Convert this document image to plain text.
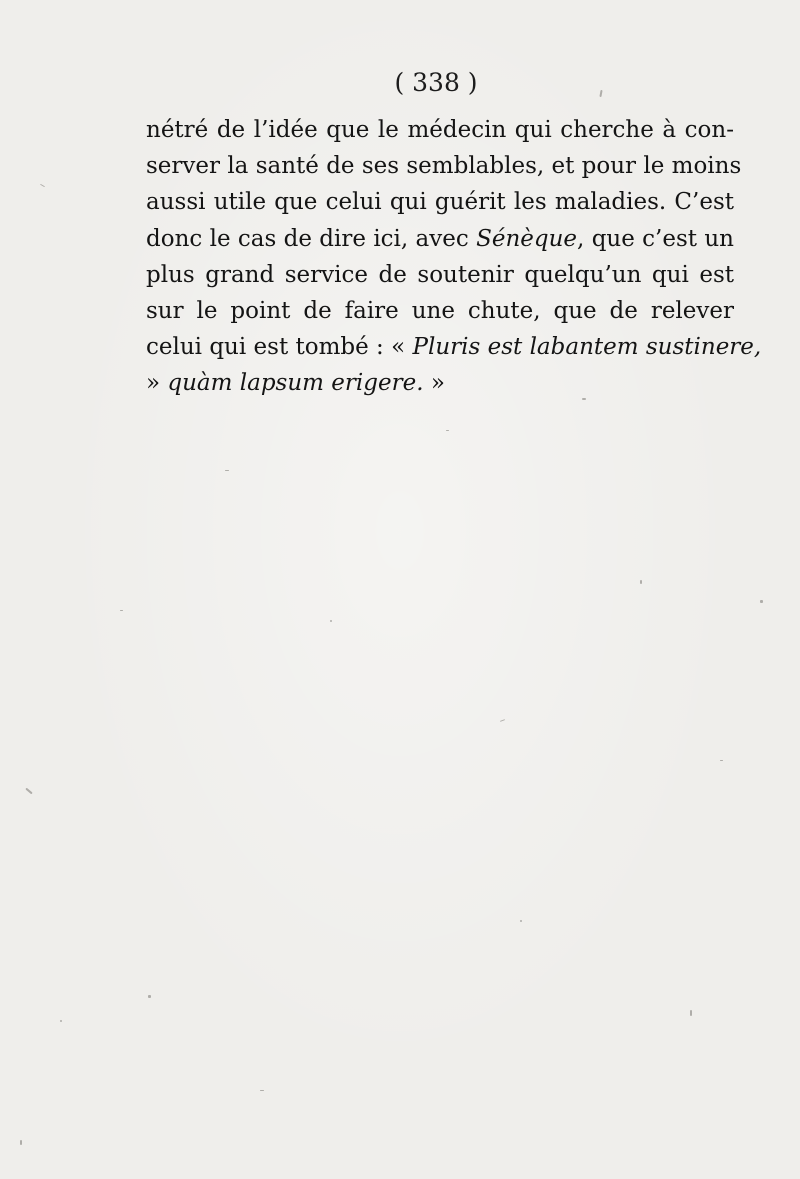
( 338 )
nétré de l’idée que le médecin qui cherche à con-
server la santé de ses semblables, et pour le moins
aussi utile que celui qui guérit les maladies. C’est
donc le cas de dire ici, avec Sénèque, que c’est un
plus grand service de soutenir quelqu’un qui est
sur le point de faire une chute, que de relever
celui qui est tombé : « Pluris est labantem sustinere,
» quàm lapsum erigere. »
